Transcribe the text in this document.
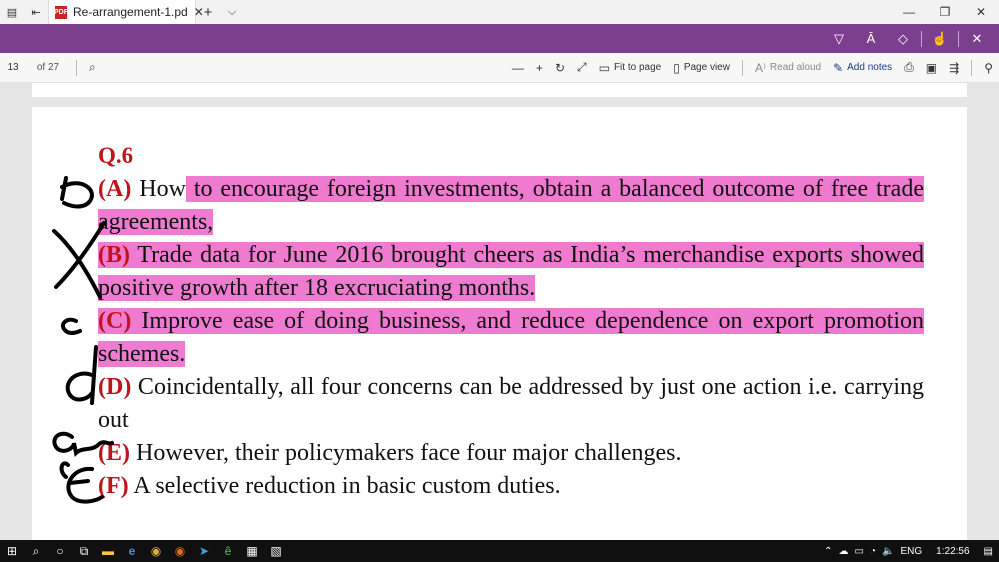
▤	⇤	PDF Re-arrangement-1.pd ✕ +	⌵	—	❐	✕
▽	Ā	◇	☝	✕
13	of 27	⌕	— + ↻ ⤢ ▭ Fit to page ▯ Page view A⁾ Read aloud ✎ Add notes ⎙ ▣ ⇶ ⚲
Q.6

(A) How to encourage foreign investments, obtain a balanced outcome of free trade agreements,

(B) Trade data for June 2016 brought cheers as India’s merchandise exports showed positive growth after 18 excruciating months.

(C) Improve ease of doing business, and reduce dependence on export promotion schemes.

(D) Coincidentally, all four concerns can be addressed by just one action i.e. carrying out

(E) However, their policymakers face four major challenges.

(F) A selective reduction in basic custom duties.

⊞	⌕	○	⧉	▬	e	◉	◉	➤	ê	▦	▧	⌃ ☁ ▭ ◔ 🔈 ENG 1:22:56 ▤
